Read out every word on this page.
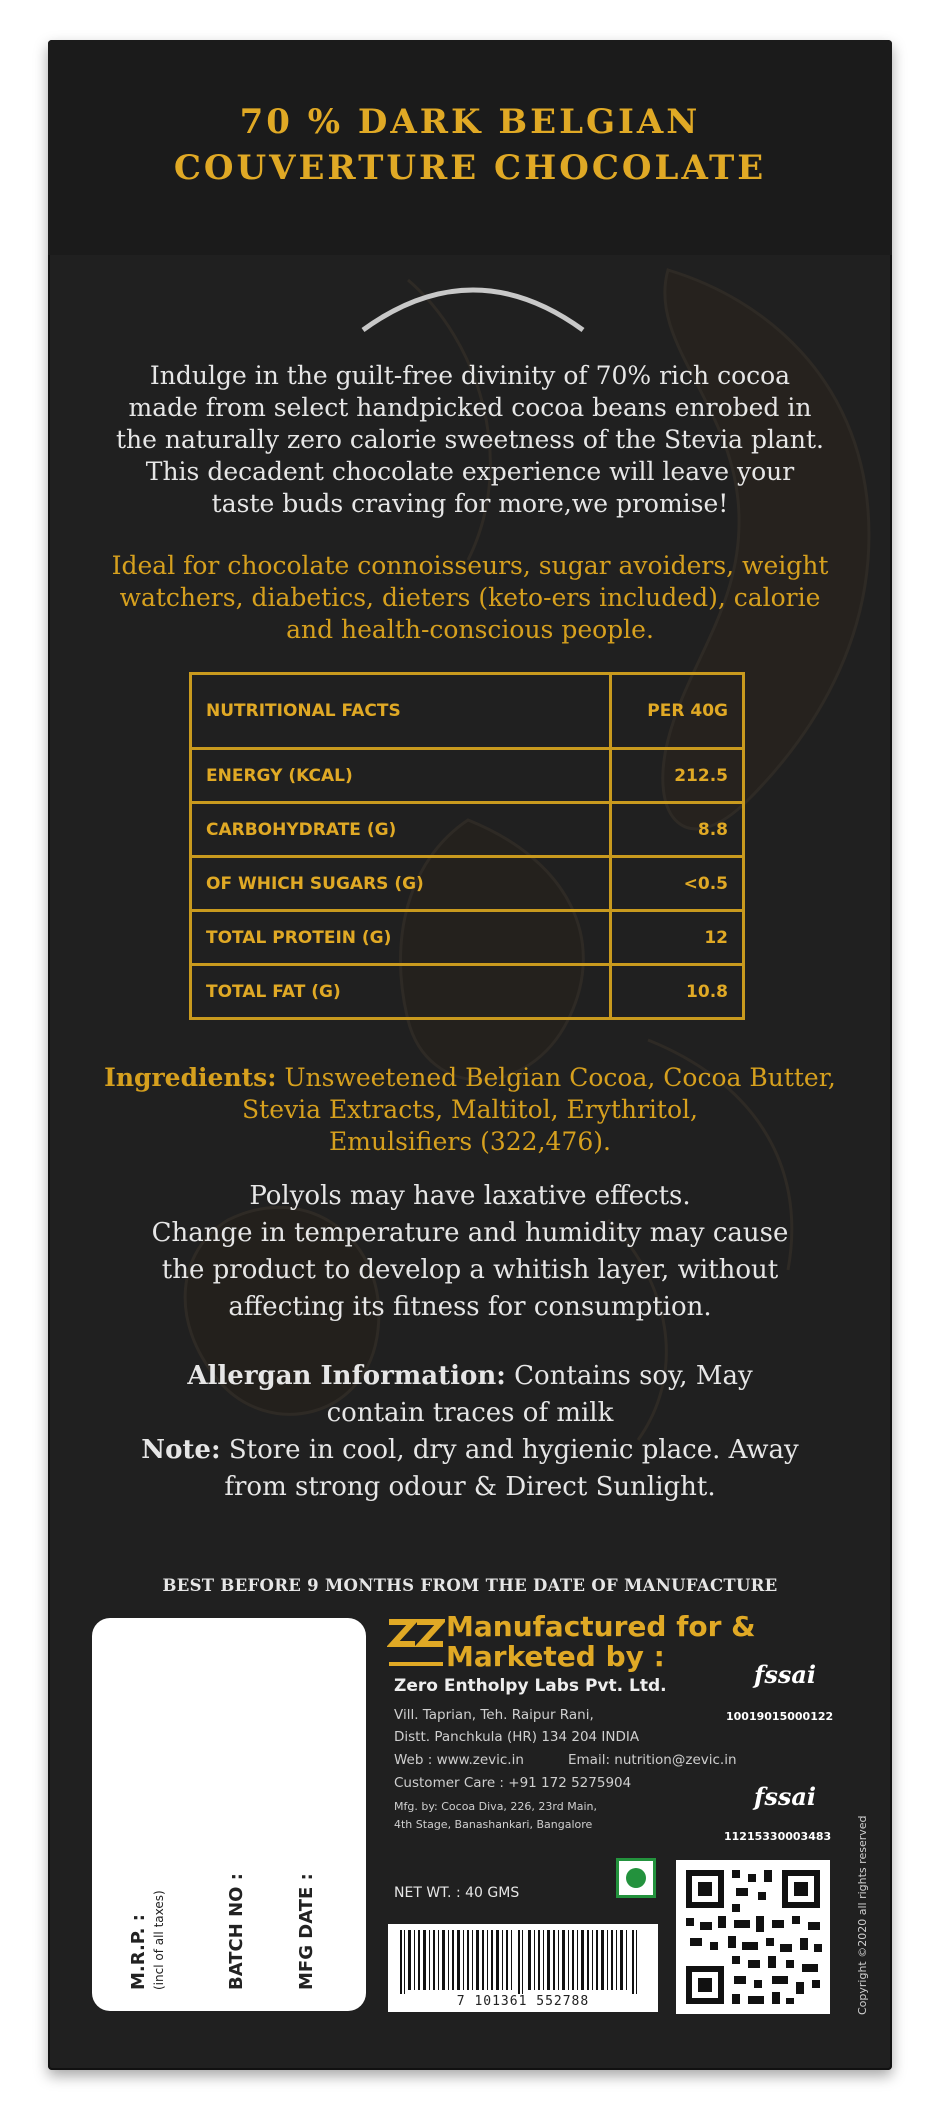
70 % DARK BELGIAN
COUVERTURE CHOCOLATE
Indulge in the guilt-free divinity of 70% rich cocoa
made from select handpicked cocoa beans enrobed in
the naturally zero calorie sweetness of the Stevia plant.
This decadent chocolate experience will leave your
taste buds craving for more,we promise!
Ideal for chocolate connoisseurs, sugar avoiders, weight
watchers, diabetics, dieters (keto-ers included), calorie
and health-conscious people.
NUTRITIONAL FACTS	PER 40G
ENERGY (KCAL)	212.5
CARBOHYDRATE (G)	8.8
OF WHICH SUGARS (G)	<0.5
TOTAL PROTEIN (G)	12
TOTAL FAT (G)	10.8
Ingredients: Unsweetened Belgian Cocoa, Cocoa Butter,
Stevia Extracts, Maltitol, Erythritol,
Emulsifiers (322,476).
Polyols may have laxative effects.
Change in temperature and humidity may cause
the product to develop a whitish layer, without
affecting its fitness for consumption.
Allergan Information: Contains soy, May
contain traces of milk
Note: Store in cool, dry and hygienic place. Away
from strong odour & Direct Sunlight.
BEST BEFORE 9 MONTHS FROM THE DATE OF MANUFACTURE
M.R.P. : (incl of all taxes)	BATCH NO :	MFG DATE :
Manufactured for &
Marketed by :
Zero Entholpy Labs Pvt. Ltd.
Vill. Taprian, Teh. Raipur Rani,
Distt. Panchkula (HR) 134 204 INDIA
Web : www.zevic.in	Email: nutrition@zevic.in
Customer Care : +91 172 5275904
Mfg. by: Cocoa Diva, 226, 23rd Main,
4th Stage, Banashankari, Bangalore
fssai
10019015000122
fssai
11215330003483
NET WT. : 40 GMS
7 101361 552788	Copyright ©2020 all rights reserved
